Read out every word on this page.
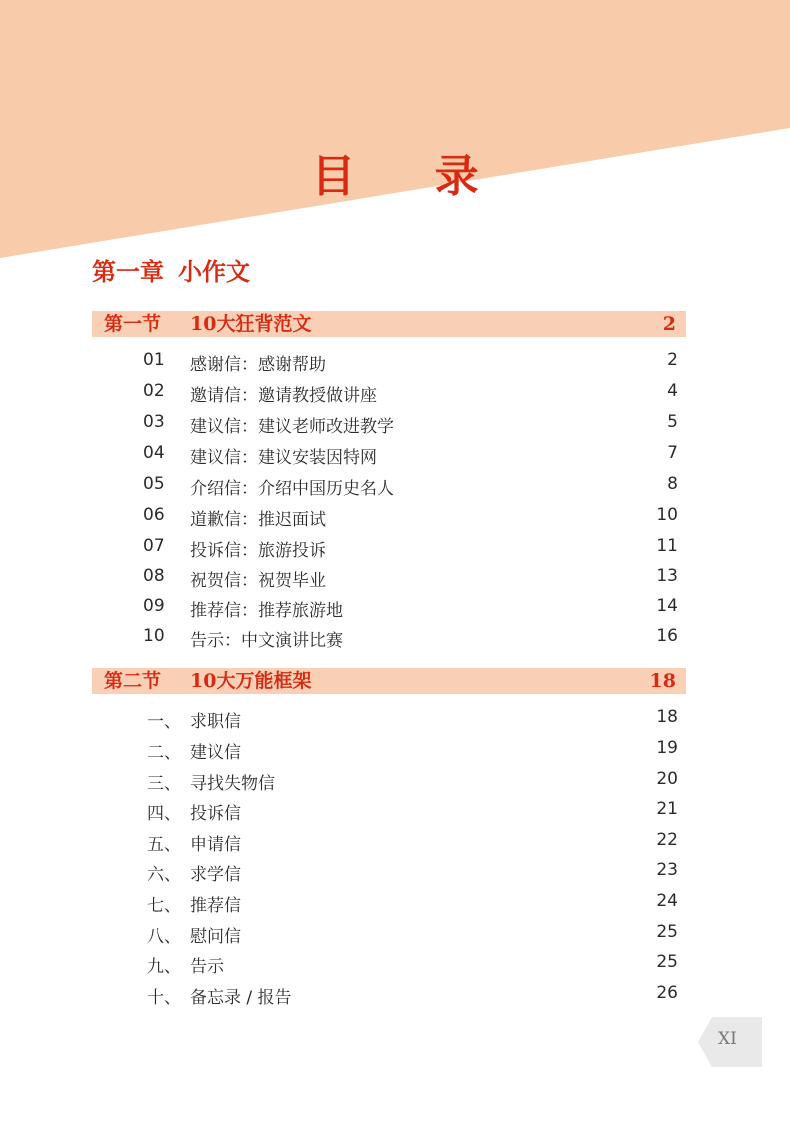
目 录
第一章 小作文
第一节 10大狂背范文	2
01 感谢信：感谢帮助	2
02 邀请信：邀请教授做讲座	4
03 建议信：建议老师改进教学	5
04 建议信：建议安装因特网	7
05 介绍信：介绍中国历史名人	8
06 道歉信：推迟面试	10
07 投诉信：旅游投诉	11
08 祝贺信：祝贺毕业	13
09 推荐信：推荐旅游地	14
10 告示：中文演讲比赛	16
第二节 10大万能框架	18
一、 求职信	18
二、 建议信	19
三、 寻找失物信	20
四、 投诉信	21
五、 申请信	22
六、 求学信	23
七、 推荐信	24
八、 慰问信	25
九、 告示	25
十、 备忘录 / 报告	26
XI
